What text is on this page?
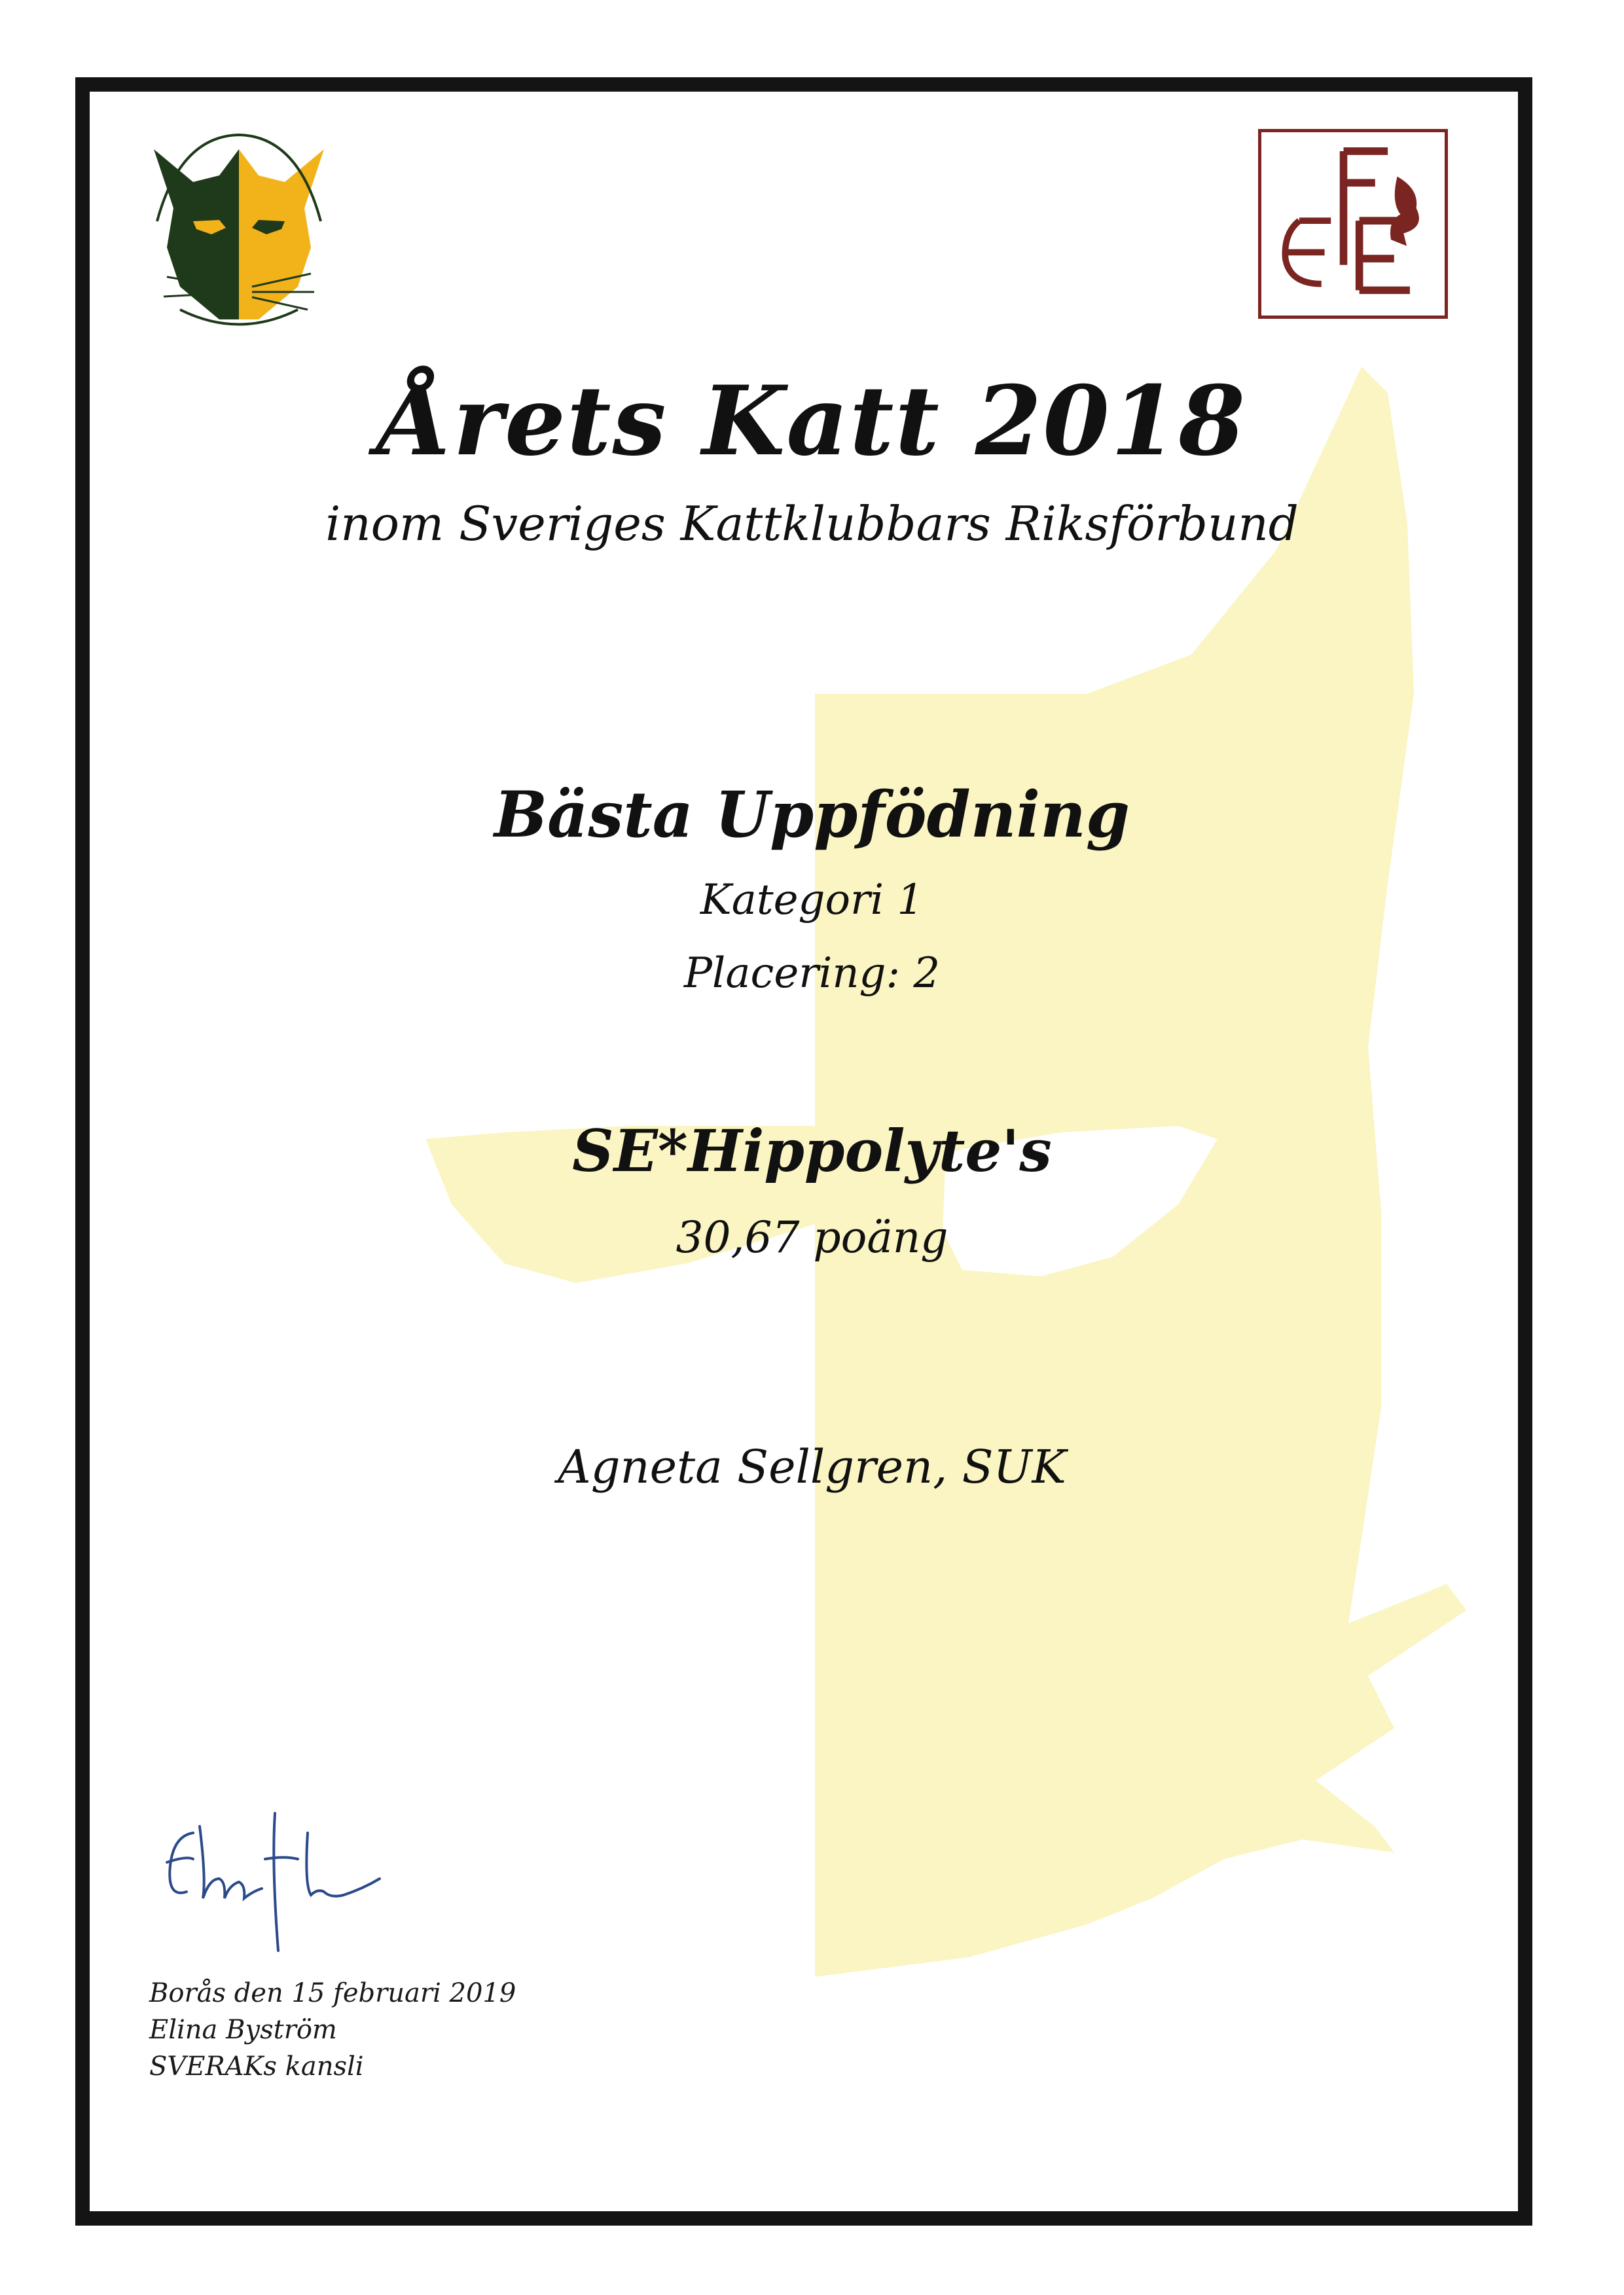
Årets Katt 2018
inom Sveriges Kattklubbars Riksförbund
Bästa Uppfödning
Kategori 1
Placering: 2
SE*Hippolyte's
30,67 poäng
Agneta Sellgren, SUK
Borås den 15 februari 2019
Elina Byström
SVERAKs kansli
